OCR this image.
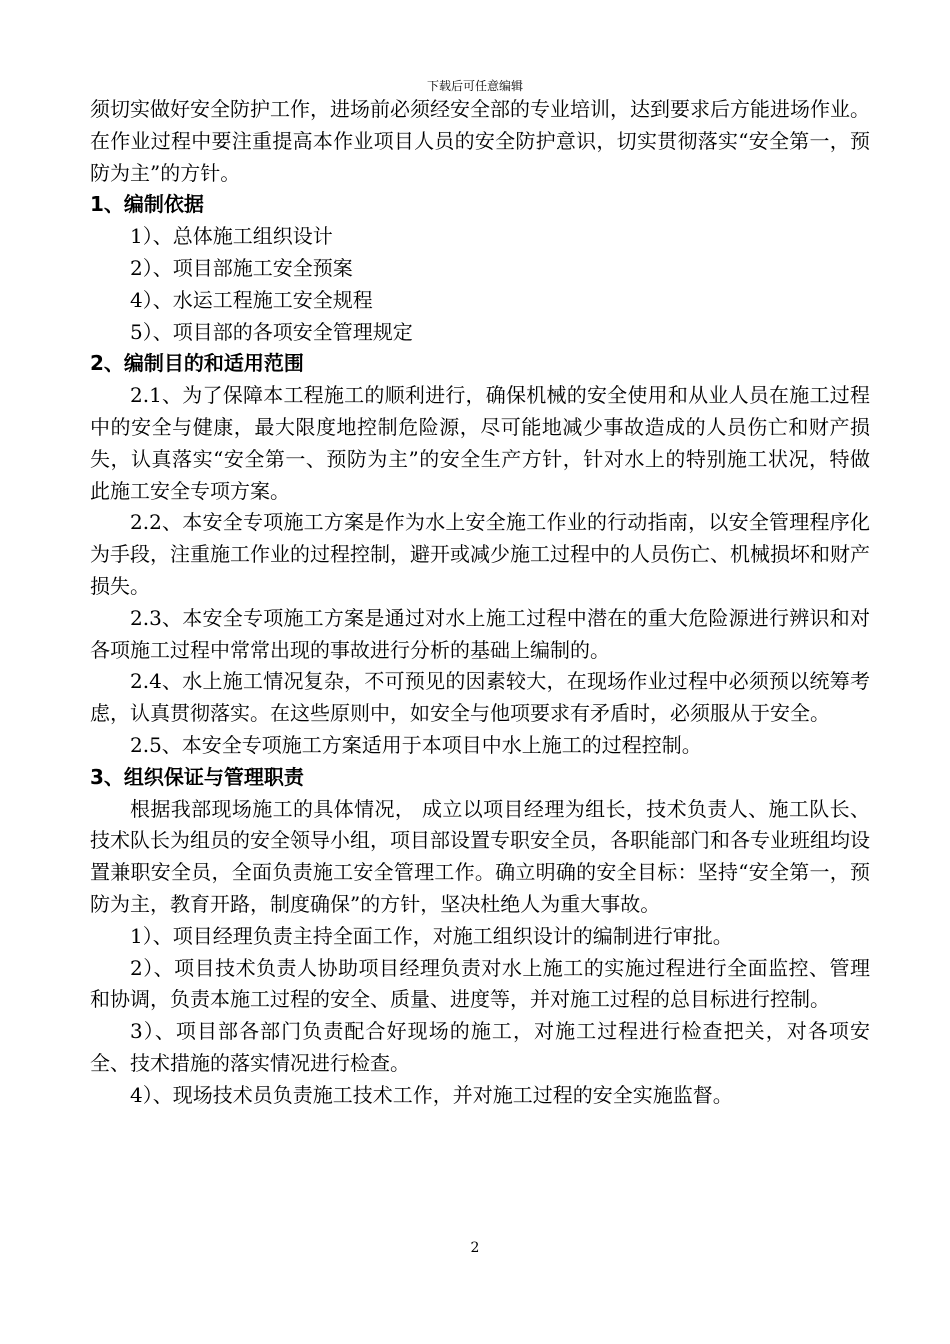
下载后可任意编辑

须切实做好安全防护工作，进场前必须经安全部的专业培训，达到要求后方能进场作业。在作业过程中要注重提高本作业项目人员的安全防护意识，切实贯彻落实“安全第一，预防为主”的方针。

1、编制依据

1）、总体施工组织设计

2）、项目部施工安全预案

4）、水运工程施工安全规程

5）、项目部的各项安全管理规定

2、编制目的和适用范围

2.1、为了保障本工程施工的顺利进行，确保机械的安全使用和从业人员在施工过程中的安全与健康，最大限度地控制危险源，尽可能地减少事故造成的人员伤亡和财产损失，认真落实“安全第一、预防为主”的安全生产方针，针对水上的特别施工状况，特做此施工安全专项方案。

2.2、本安全专项施工方案是作为水上安全施工作业的行动指南，以安全管理程序化为手段，注重施工作业的过程控制，避开或减少施工过程中的人员伤亡、机械损坏和财产损失。

2.3、本安全专项施工方案是通过对水上施工过程中潜在的重大危险源进行辨识和对各项施工过程中常常出现的事故进行分析的基础上编制的。

2.4、水上施工情况复杂，不可预见的因素较大，在现场作业过程中必须预以统筹考虑，认真贯彻落实。在这些原则中，如安全与他项要求有矛盾时，必须服从于安全。

2.5、本安全专项施工方案适用于本项目中水上施工的过程控制。

3、组织保证与管理职责

根据我部现场施工的具体情况， 成立以项目经理为组长，技术负责人、施工队长、技术队长为组员的安全领导小组，项目部设置专职安全员，各职能部门和各专业班组均设置兼职安全员，全面负责施工安全管理工作。确立明确的安全目标：坚持“安全第一，预防为主，教育开路，制度确保”的方针，坚决杜绝人为重大事故。

1）、项目经理负责主持全面工作，对施工组织设计的编制进行审批。

2）、项目技术负责人协助项目经理负责对水上施工的实施过程进行全面监控、管理和协调，负责本施工过程的安全、质量、进度等，并对施工过程的总目标进行控制。

3）、项目部各部门负责配合好现场的施工，对施工过程进行检查把关，对各项安全、技术措施的落实情况进行检查。

4）、现场技术员负责施工技术工作，并对施工过程的安全实施监督。

2
